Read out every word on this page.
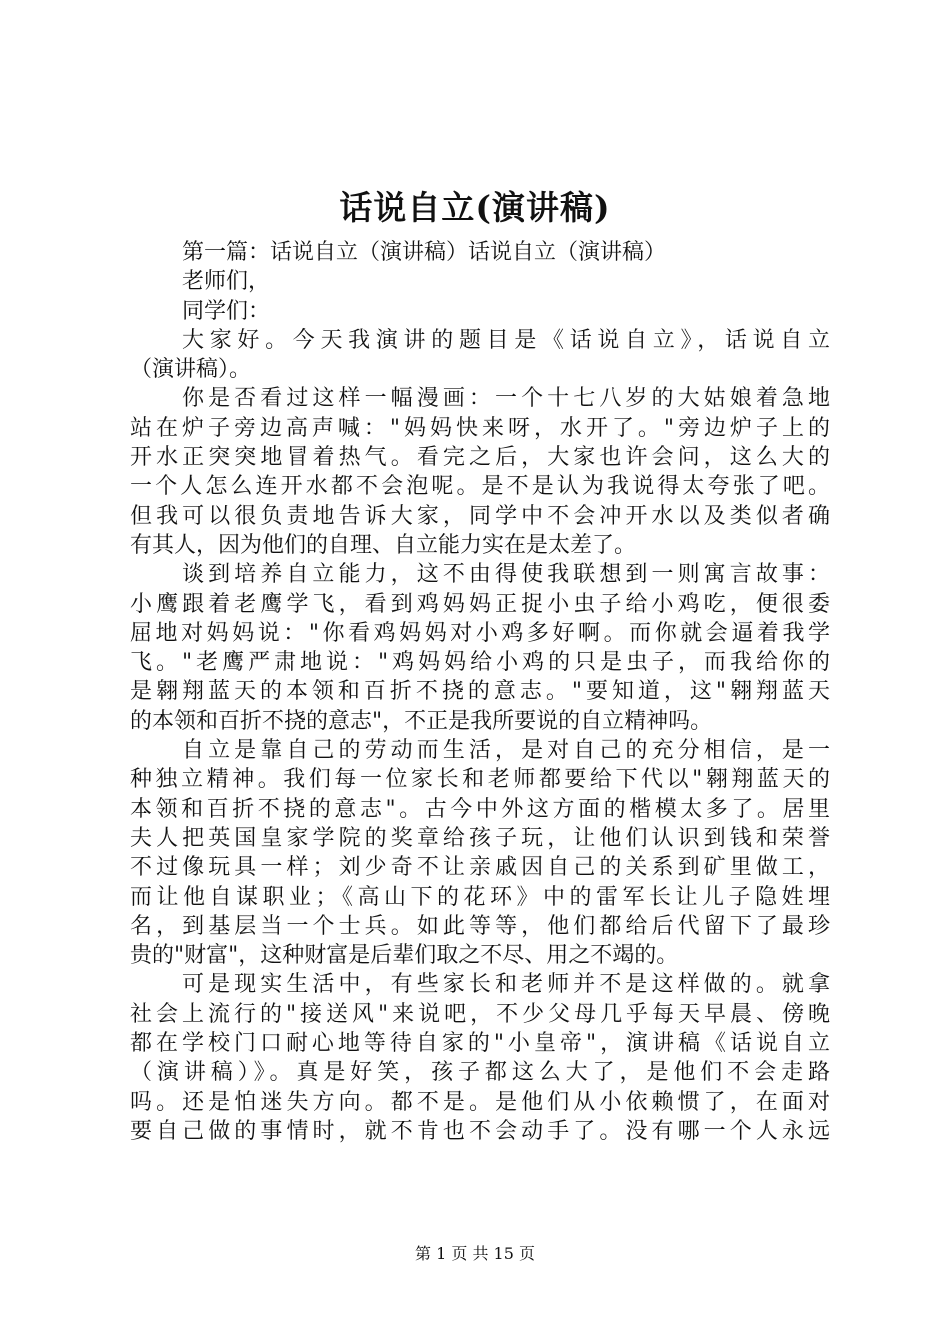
话说自立(演讲稿)
第一篇：话说自立（演讲稿）话说自立（演讲稿）
老师们，
同学们：
大家好。今天我演讲的题目是《话说自立》，话说自立
（演讲稿）。
你是否看过这样一幅漫画：一个十七八岁的大姑娘着急地
站在炉子旁边高声喊："妈妈快来呀，水开了。"旁边炉子上的
开水正突突地冒着热气。看完之后，大家也许会问，这么大的
一个人怎么连开水都不会泡呢。是不是认为我说得太夸张了吧。
但我可以很负责地告诉大家，同学中不会冲开水以及类似者确
有其人，因为他们的自理、自立能力实在是太差了。
谈到培养自立能力，这不由得使我联想到一则寓言故事：
小鹰跟着老鹰学飞，看到鸡妈妈正捉小虫子给小鸡吃，便很委
屈地对妈妈说："你看鸡妈妈对小鸡多好啊。而你就会逼着我学
飞。"老鹰严肃地说："鸡妈妈给小鸡的只是虫子，而我给你的
是翱翔蓝天的本领和百折不挠的意志。"要知道，这"翱翔蓝天
的本领和百折不挠的意志"，不正是我所要说的自立精神吗。
自立是靠自己的劳动而生活，是对自己的充分相信，是一
种独立精神。我们每一位家长和老师都要给下代以"翱翔蓝天的
本领和百折不挠的意志"。古今中外这方面的楷模太多了。居里
夫人把英国皇家学院的奖章给孩子玩，让他们认识到钱和荣誉
不过像玩具一样；刘少奇不让亲戚因自己的关系到矿里做工，
而让他自谋职业；《高山下的花环》中的雷军长让儿子隐姓埋
名，到基层当一个士兵。如此等等，他们都给后代留下了最珍
贵的"财富"，这种财富是后辈们取之不尽、用之不竭的。
可是现实生活中，有些家长和老师并不是这样做的。就拿
社会上流行的"接送风"来说吧，不少父母几乎每天早晨、傍晚
都在学校门口耐心地等待自家的"小皇帝"，演讲稿《话说自立
（演讲稿）》。真是好笑，孩子都这么大了，是他们不会走路
吗。还是怕迷失方向。都不是。是他们从小依赖惯了，在面对
要自己做的事情时，就不肯也不会动手了。没有哪一个人永远
第 1 页 共 15 页
